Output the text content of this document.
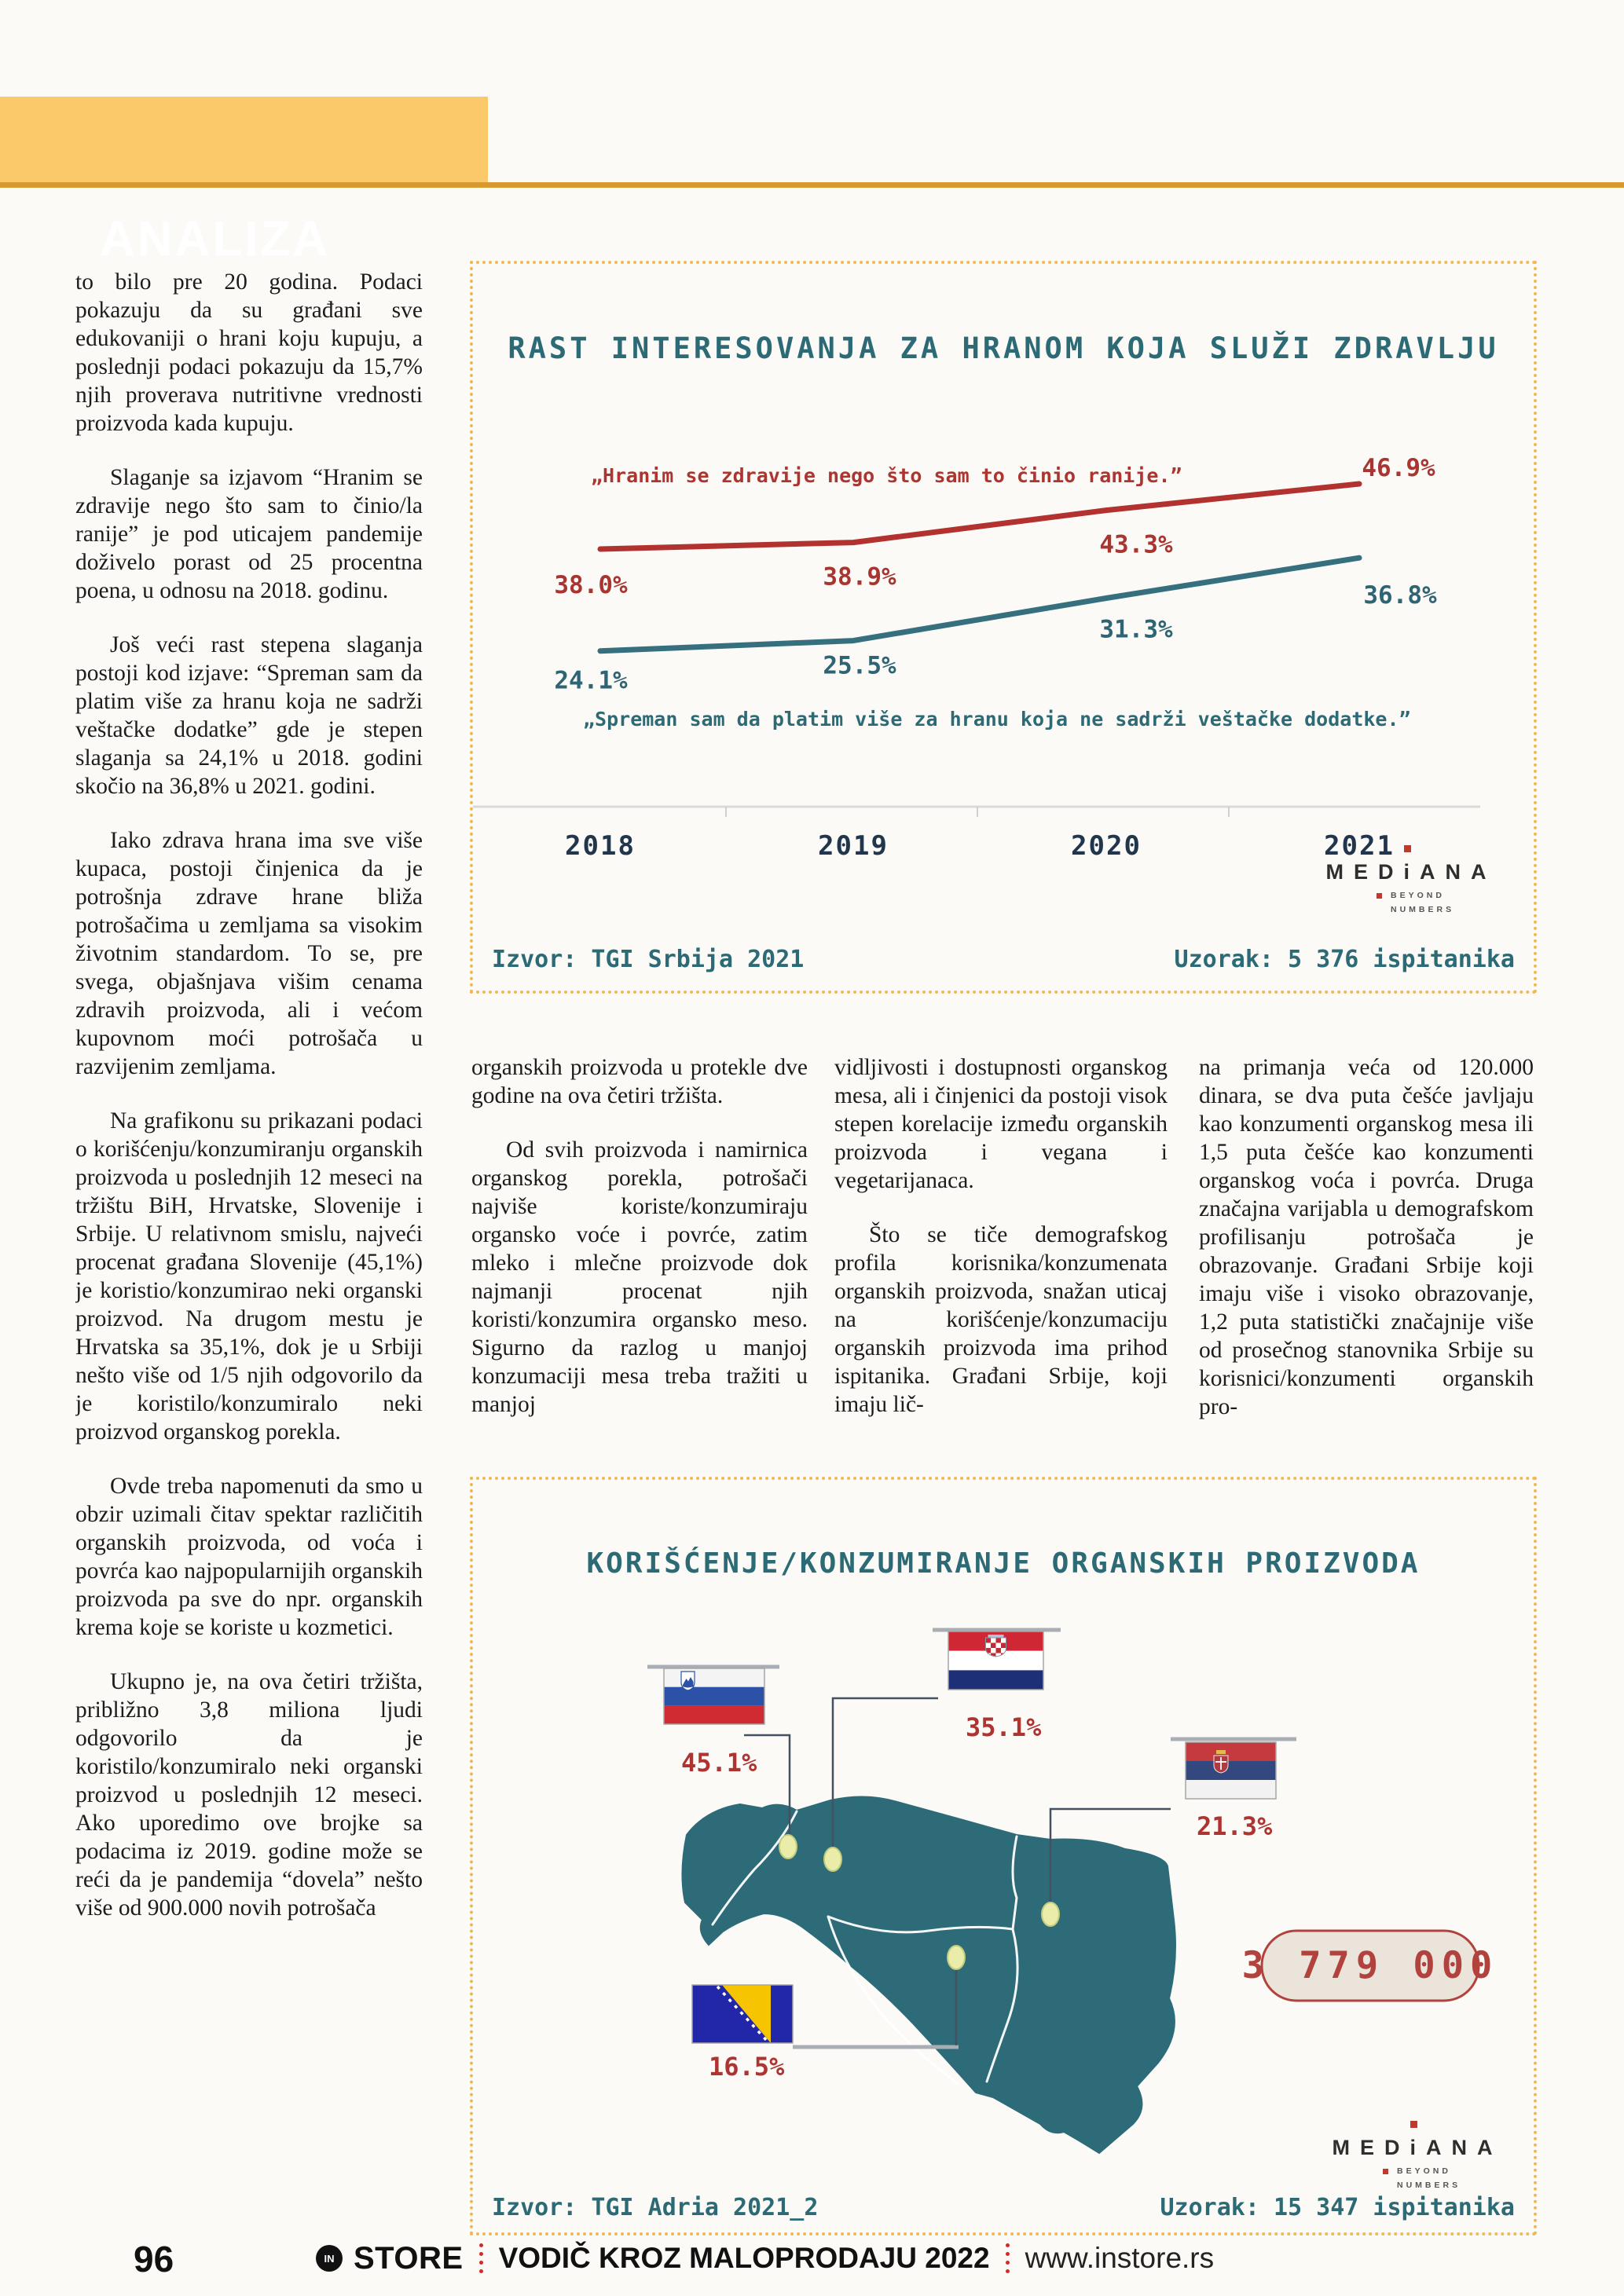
ANALIZA

to bilo pre 20 godina. Podaci pokazuju da su građani sve edukovaniji o hrani koju kupuju, a poslednji podaci pokazuju da 15,7% njih proverava nutritivne vrednosti proizvoda kada kupuju.

Slaganje sa izjavom “Hranim se zdravije nego što sam to činio/la ranije” je pod uticajem pandemije doživelo porast od 25 procentna poena, u odnosu na 2018. godinu.

Još veći rast stepena slaganja postoji kod izjave: “Spreman sam da platim više za hranu koja ne sadrži veštačke dodatke” gde je stepen slaganja sa 24,1% u 2018. godini skočio na 36,8% u 2021. godini.

Iako zdrava hrana ima sve više kupaca, postoji činjenica da je potrošnja zdrave hrane bliža potrošačima u zemljama sa visokim životnim standardom. To se, pre svega, objašnjava višim cenama zdravih proizvoda, ali i većom kupovnom moći potrošača u razvijenim zemljama.

Na grafikonu su prikazani podaci o korišćenju/konzumiranju organskih proizvoda u poslednjih 12 meseci na tržištu BiH, Hrvatske, Slovenije i Srbije. U relativnom smislu, najveći procenat građana Slovenije (45,1%) je koristio/konzumirao neki organski proizvod. Na drugom mestu je Hrvatska sa 35,1%, dok je u Srbiji nešto više od 1/5 njih odgovorilo da je koristilo/konzumiralo neki proizvod organskog porekla.

Ovde treba napomenuti da smo u obzir uzimali čitav spektar različitih organskih proizvoda, od voća i povrća kao najpopularnijih organskih proizvoda pa sve do npr. organskih krema koje se koriste u kozmetici.

Ukupno je, na ova četiri tržišta, približno 3,8 miliona ljudi odgovorilo da je koristilo/konzumiralo neki organski proizvod u poslednjih 12 meseci. Ako uporedimo ove brojke sa podacima iz 2019. godine može se reći da je pandemija “dovela” nešto više od 900.000 novih potrošača

organskih proizvoda u protekle dve godine na ova četiri tržišta.

Od svih proizvoda i namirnica organskog porekla, potrošači najviše koriste/konzumiraju organsko voće i povrće, zatim mleko i mlečne proizvode dok najmanji procenat njih koristi/konzumira organsko meso. Sigurno da razlog u manjoj konzumaciji mesa treba tražiti u manjoj

vidljivosti i dostupnosti organskog mesa, ali i činjenici da postoji visok stepen korelacije između organskih proizvoda i vegana i vegetarijanaca.

Što se tiče demografskog profila korisnika/konzumenata organskih proizvoda, snažan uticaj na korišćenje/konzumaciju organskih proizvoda ima prihod ispitanika. Građani Srbije, koji imaju lič-

na primanja veća od 120.000 dinara, se dva puta češće javljaju kao konzumenti organskog mesa ili 1,5 puta češće kao konzumenti organskog voća i povrća. Druga značajna varijabla u demografskom profilisanju potrošača je obrazovanje. Građani Srbije koji imaju više i visoko obrazovanje, 1,2 puta statistički značajnije više od prosečnog stanovnika Srbije su korisnici/konzumenti organskih pro-

RAST INTERESOVANJA ZA HRANOM KOJA SLUŽI ZDRAVLJU
„Hranim se zdravije nego što sam to činio ranije.”
„Spreman sam da platim više za hranu koja ne sadrži veštačke dodatke.”
2018	2019	2020	2021
38.0%	38.9%
43.3%
46.9%
24.1%
25.5%
31.3%
36.8%
MEDiANA
BEYOND NUMBERS
Izvor: TGI Srbija 2021	Uzorak: 5 376 ispitanika
KORIŠĆENJE/KONZUMIRANJE ORGANSKIH PROIZVODA
3 779 000
45.1%
35.1%
21.3%
16.5%
MEDiANA
BEYOND NUMBERS
Izvor: TGI Adria 2021_2	Uzorak: 15 347 ispitanika
96	IN STORE VODIČ KROZ MALOPRODAJU 2022 www.instore.rs
